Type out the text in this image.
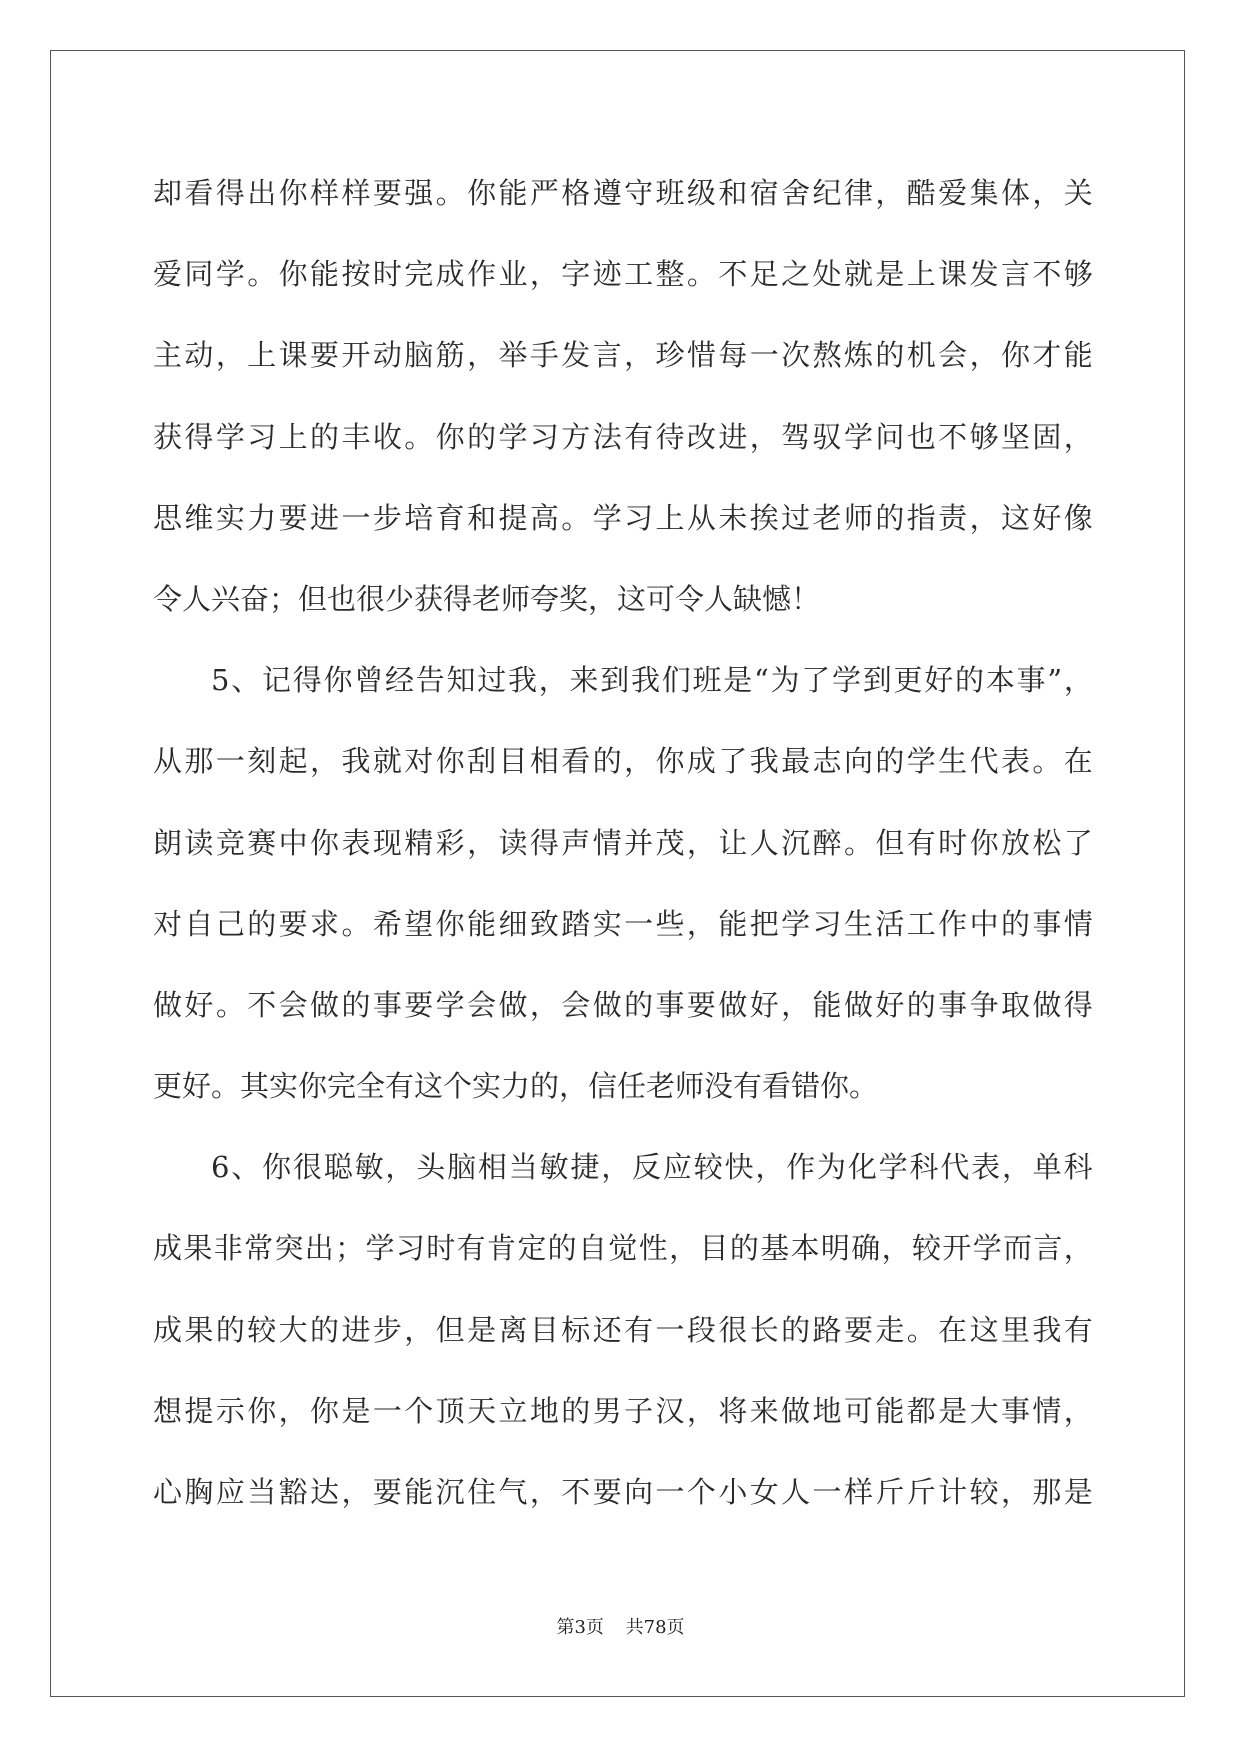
却 看 得 出 你 样 样 要 强 。 你 能 严 格 遵 守 班 级 和 宿 舍 纪 律 ， 酷 爱 集 体 ， 关
爱 同 学 。 你 能 按 时 完 成 作 业 ， 字 迹 工 整 。 不 足 之 处 就 是 上 课 发 言 不 够
主 动 ， 上 课 要 开 动 脑 筋 ， 举 手 发 言 ， 珍 惜 每 一 次 熬 炼 的 机 会 ， 你 才 能
获 得 学 习 上 的 丰 收 。 你 的 学 习 方 法 有 待 改 进 ， 驾 驭 学 问 也 不 够 坚 固 ，
思 维 实 力 要 进 一 步 培 育 和 提 高 。 学 习 上 从 未 挨 过 老 师 的 指 责 ， 这 好 像
令人兴奋；但也很少获得老师夸奖，这可令人缺憾！
5 、 记 得 你 曾 经 告 知 过 我 ， 来 到 我 们 班 是 “ 为 了 学 到 更 好 的 本 事 ” ，
从 那 一 刻 起 ， 我 就 对 你 刮 目 相 看 的 ， 你 成 了 我 最 志 向 的 学 生 代 表 。 在
朗 读 竞 赛 中 你 表 现 精 彩 ， 读 得 声 情 并 茂 ， 让 人 沉 醉 。 但 有 时 你 放 松 了
对 自 己 的 要 求 。 希 望 你 能 细 致 踏 实 一 些 ， 能 把 学 习 生 活 工 作 中 的 事 情
做 好 。 不 会 做 的 事 要 学 会 做 ， 会 做 的 事 要 做 好 ， 能 做 好 的 事 争 取 做 得
更好。其实你完全有这个实力的，信任老师没有看错你。
6 、 你 很 聪 敏 ， 头 脑 相 当 敏 捷 ， 反 应 较 快 ， 作 为 化 学 科 代 表 ， 单 科
成 果 非 常 突 出 ； 学 习 时 有 肯 定 的 自 觉 性 ， 目 的 基 本 明 确 ， 较 开 学 而 言 ，
成 果 的 较 大 的 进 步 ， 但 是 离 目 标 还 有 一 段 很 长 的 路 要 走 。 在 这 里 我 有
想 提 示 你 ， 你 是 一 个 顶 天 立 地 的 男 子 汉 ， 将 来 做 地 可 能 都 是 大 事 情 ，
心 胸 应 当 豁 达 ， 要 能 沉 住 气 ， 不 要 向 一 个 小 女 人 一 样 斤 斤 计 较 ， 那 是
第3页 共78页
